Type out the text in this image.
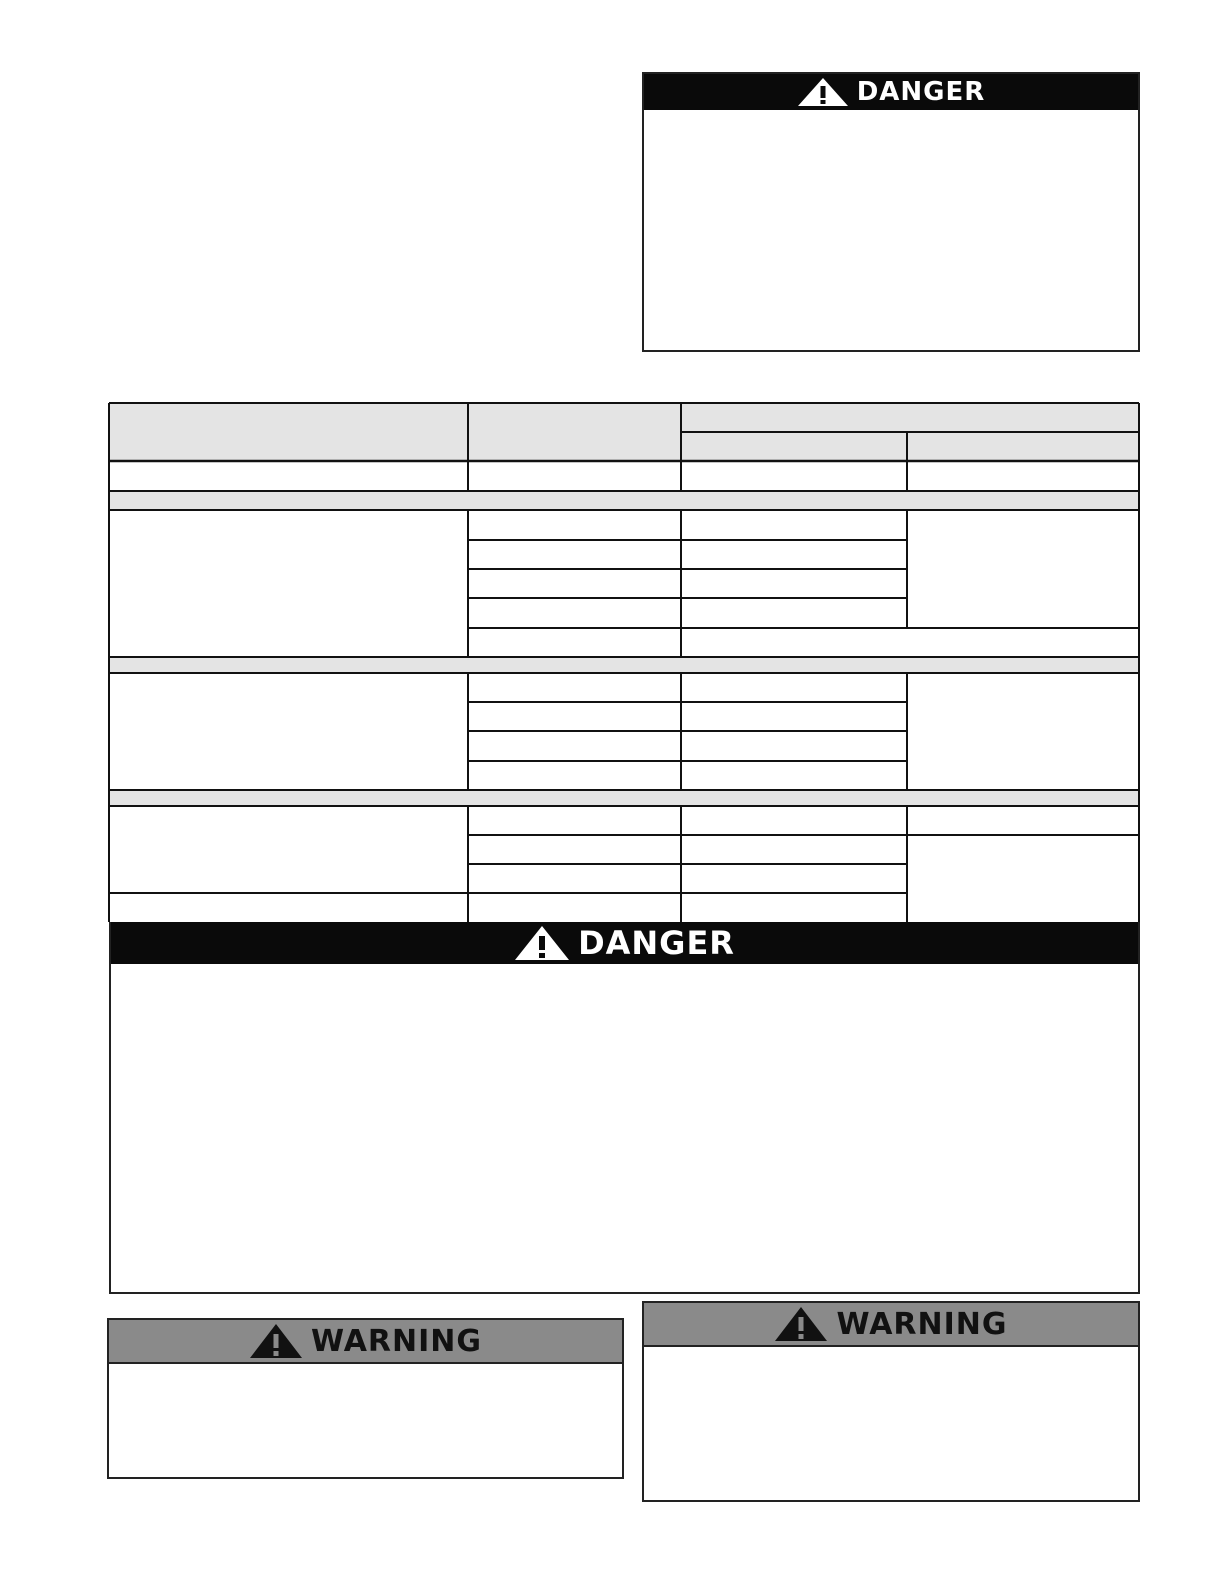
DANGER
DANGER
WARNING	WARNING
